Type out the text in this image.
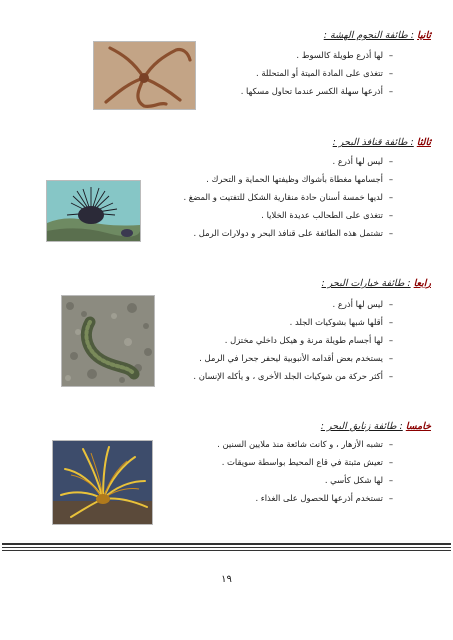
ثانيا : طائفة النجوم الهشة :
– لها أذرع طويلة كالسوط .
– تتغذى على المادة الميتة أو المتحللة .
– أذرعها سهلة الكسر عندما تحاول مسكها .
ثالثا : طائفة قنافذ البحر :
– ليس لها أذرع .
– أجسامها مغطاة بأشواك وظيفتها الحماية و التحرك .
– لديها خمسة أسنان حادة منقارية الشكل للتفتيت و المضغ .
– تتغذى على الطحالب عديدة الخلايا .
– تشتمل هذه الطائفة على قنافذ البحر و دولارات الرمل .
رابعا : طائفة خيارات البحر :
– ليس لها أذرع .
– أقلها شبها بشوكيات الجلد .
– لها أجسام طويلة مرنة و هيكل داخلي مختزل .
– يستخدم بعض أقدامه الأنبوبية ليحفر جحرا في الرمل .
– أكثر حركة من شوكيات الجلد الأخرى ، و يأكله الإنسان .
خامسا : طائفة زنابق البحر :
– تشبه الأزهار ، و كانت شائعة منذ ملايين السنين .
– تعيش مثبتة في قاع المحيط بواسطة سويقات .
– لها شكل كأسي .
– تستخدم أذرعها للحصول على الغذاء .
١٩
